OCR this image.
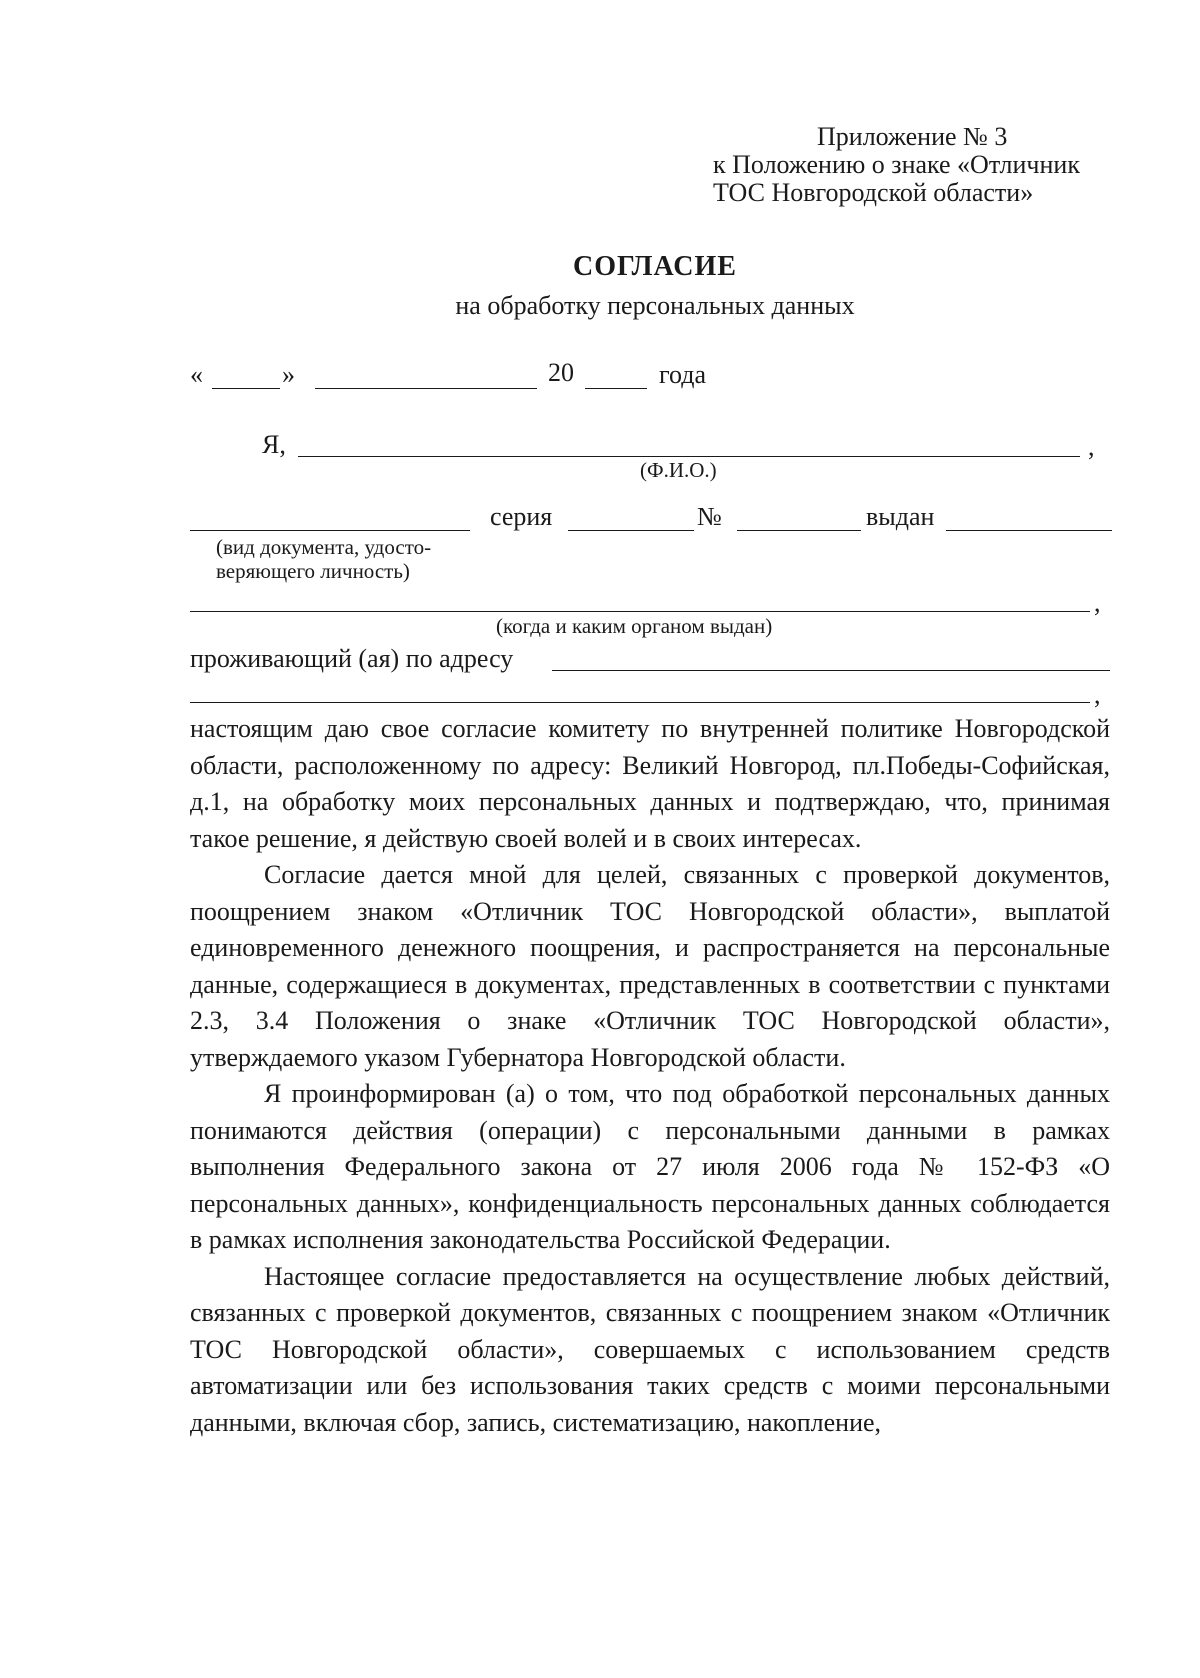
Приложение № 3
к Положению о знаке «Отличник
ТОС Новгородской области»
СОГЛАСИЕ
на обработку персональных данных
«	»	20	года
Я,	,
(Ф.И.О.)
серия	№	выдан
(вид документа, удосто-
веряющего личность)
,
(когда и каким органом выдан)
проживающий (ая) по адресу
,

настоящим даю свое согласие комитету по внутренней политике Новгородской области, расположенному по адресу: Великий Новгород, пл.Победы-Софийская, д.1, на обработку моих персональных данных и подтверждаю, что, принимая такое решение, я действую своей волей и в своих интересах.

Согласие дается мной для целей, связанных с проверкой документов, поощрением знаком «Отличник ТОС Новгородской области», выплатой единовременного денежного поощрения, и распространяется на персональные данные, содержащиеся в документах, представленных в соответствии с пунктами 2.3, 3.4 Положения о знаке «Отличник ТОС Новгородской области», утверждаемого указом Губернатора Новгородской области.

Я проинформирован (а) о том, что под обработкой персональных данных понимаются действия (операции) с персональными данными в рамках выполнения Федерального закона от 27 июля 2006 года № 152-ФЗ «О персональных данных», конфиденциальность персональных данных соблюдается в рамках исполнения законодательства Российской Федерации.

Настоящее согласие предоставляется на осуществление любых действий, связанных с проверкой документов, связанных с поощрением знаком «Отличник ТОС Новгородской области», совершаемых с использованием средств автоматизации или без использования таких средств с моими персональными данными, включая сбор, запись, систематизацию, накопление,
